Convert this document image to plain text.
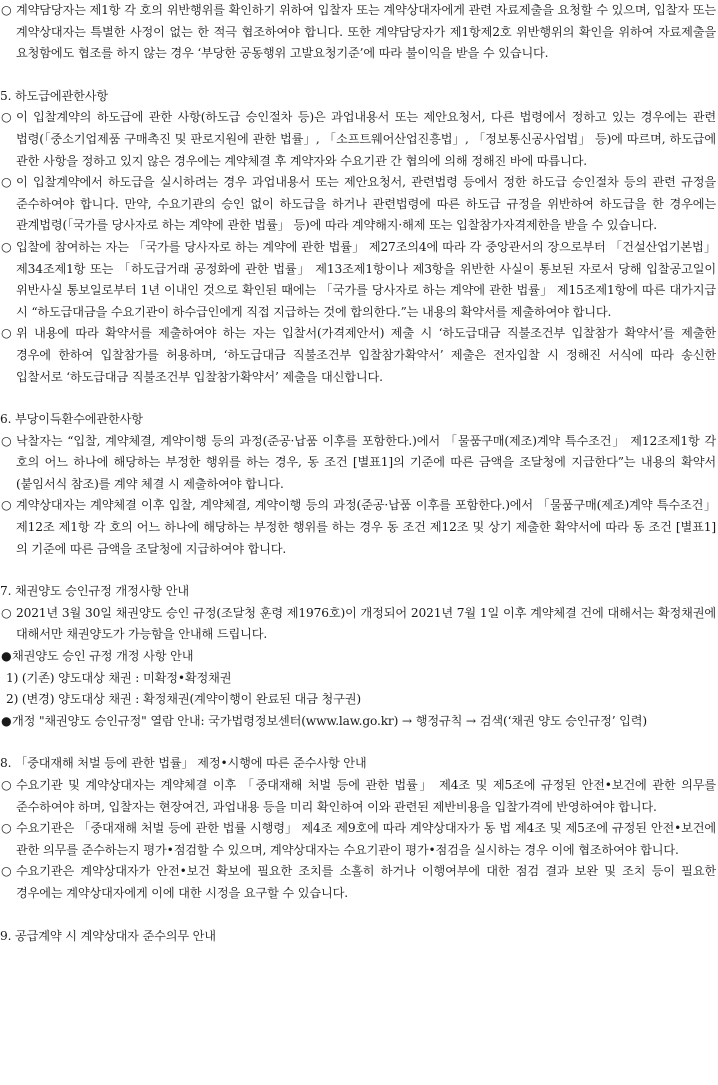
○ 계약담당자는 제1항 각 호의 위반행위를 확인하기 위하여 입찰자 또는 계약상대자에게 관련 자료제출을 요청할 수 있으며, 입찰자 또는 계약상대자는 특별한 사정이 없는 한 적극 협조하여야 합니다. 또한 계약담당자가 제1항제2호 위반행위의 확인을 위하여 자료제출을 요청함에도 협조를 하지 않는 경우 ‘부당한 공동행위 고발요청기준’에 따라 불이익을 받을 수 있습니다.
5. 하도급에관한사항
○ 이 입찰계약의 하도급에 관한 사항(하도급 승인절차 등)은 과업내용서 또는 제안요청서, 다른 법령에서 정하고 있는 경우에는 관련 법령(「중소기업제품 구매촉진 및 판로지원에 관한 법률」, 「소프트웨어산업진흥법」, 「정보통신공사업법」 등)에 따르며, 하도급에 관한 사항을 정하고 있지 않은 경우에는 계약체결 후 계약자와 수요기관 간 협의에 의해 정해진 바에 따릅니다.
○ 이 입찰계약에서 하도급을 실시하려는 경우 과업내용서 또는 제안요청서, 관련법령 등에서 정한 하도급 승인절차 등의 관련 규정을 준수하여야 합니다. 만약, 수요기관의 승인 없이 하도급을 하거나 관련법령에 따른 하도급 규정을 위반하여 하도급을 한 경우에는 관계법령(「국가를 당사자로 하는 계약에 관한 법률」 등)에 따라 계약해지·해제 또는 입찰참가자격제한을 받을 수 있습니다.
○ 입찰에 참여하는 자는 「국가를 당사자로 하는 계약에 관한 법률」 제27조의4에 따라 각 중앙관서의 장으로부터 「건설산업기본법」 제34조제1항 또는 「하도급거래 공정화에 관한 법률」 제13조제1항이나 제3항을 위반한 사실이 통보된 자로서 당해 입찰공고일이 위반사실 통보일로부터 1년 이내인 것으로 확인된 때에는 「국가를 당사자로 하는 계약에 관한 법률」 제15조제1항에 따른 대가지급 시 “하도급대금을 수요기관이 하수급인에게 직접 지급하는 것에 합의한다.”는 내용의 확약서를 제출하여야 합니다.
○ 위 내용에 따라 확약서를 제출하여야 하는 자는 입찰서(가격제안서) 제출 시 ‘하도급대금 직불조건부 입찰참가 확약서’를 제출한 경우에 한하여 입찰참가를 허용하며, ‘하도급대금 직불조건부 입찰참가확약서’ 제출은 전자입찰 시 정해진 서식에 따라 송신한 입찰서로 ‘하도급대금 직불조건부 입찰참가확약서’ 제출을 대신합니다.
6. 부당이득환수에관한사항
○ 낙찰자는 “입찰, 계약체결, 계약이행 등의 과정(준공·납품 이후를 포함한다.)에서 「물품구매(제조)계약 특수조건」 제12조제1항 각 호의 어느 하나에 해당하는 부정한 행위를 하는 경우, 동 조건 [별표1]의 기준에 따른 금액을 조달청에 지급한다”는 내용의 확약서(붙임서식 참조)를 계약 체결 시 제출하여야 합니다.
○ 계약상대자는 계약체결 이후 입찰, 계약체결, 계약이행 등의 과정(준공·납품 이후를 포함한다.)에서 「물품구매(제조)계약 특수조건」 제12조 제1항 각 호의 어느 하나에 해당하는 부정한 행위를 하는 경우 동 조건 제12조 및 상기 제출한 확약서에 따라 동 조건 [별표1]의 기준에 따른 금액을 조달청에 지급하여야 합니다.
7. 채권양도 승인규정 개정사항 안내
○ 2021년 3월 30일 채권양도 승인 규정(조달청 훈령 제1976호)이 개정되어 2021년 7월 1일 이후 계약체결 건에 대해서는 확정채권에 대해서만 채권양도가 가능함을 안내해 드립니다.
● 채권양도 승인 규정 개정 사항 안내
1) (기존) 양도대상 채권 : 미확정•확정채권
2) (변경) 양도대상 채권 : 확정채권(계약이행이 완료된 대금 청구권)
● 개정 "채권양도 승인규정" 열람 안내: 국가법령정보센터(www.law.go.kr) → 행정규칙 → 검색(‘채권 양도 승인규정’ 입력)
8. 「중대재해 처벌 등에 관한 법률」 제정•시행에 따른 준수사항 안내
○ 수요기관 및 계약상대자는 계약체결 이후 「중대재해 처벌 등에 관한 법률」 제4조 및 제5조에 규정된 안전•보건에 관한 의무를 준수하여야 하며, 입찰자는 현장여건, 과업내용 등을 미리 확인하여 이와 관련된 제반비용을 입찰가격에 반영하여야 합니다.
○ 수요기관은 「중대재해 처벌 등에 관한 법률 시행령」 제4조 제9호에 따라 계약상대자가 동 법 제4조 및 제5조에 규정된 안전•보건에 관한 의무를 준수하는지 평가•점검할 수 있으며, 계약상대자는 수요기관이 평가•점검을 실시하는 경우 이에 협조하여야 합니다.
○ 수요기관은 계약상대자가 안전•보건 확보에 필요한 조치를 소홀히 하거나 이행여부에 대한 점검 결과 보완 및 조치 등이 필요한 경우에는 계약상대자에게 이에 대한 시정을 요구할 수 있습니다.
9. 공급계약 시 계약상대자 준수의무 안내
